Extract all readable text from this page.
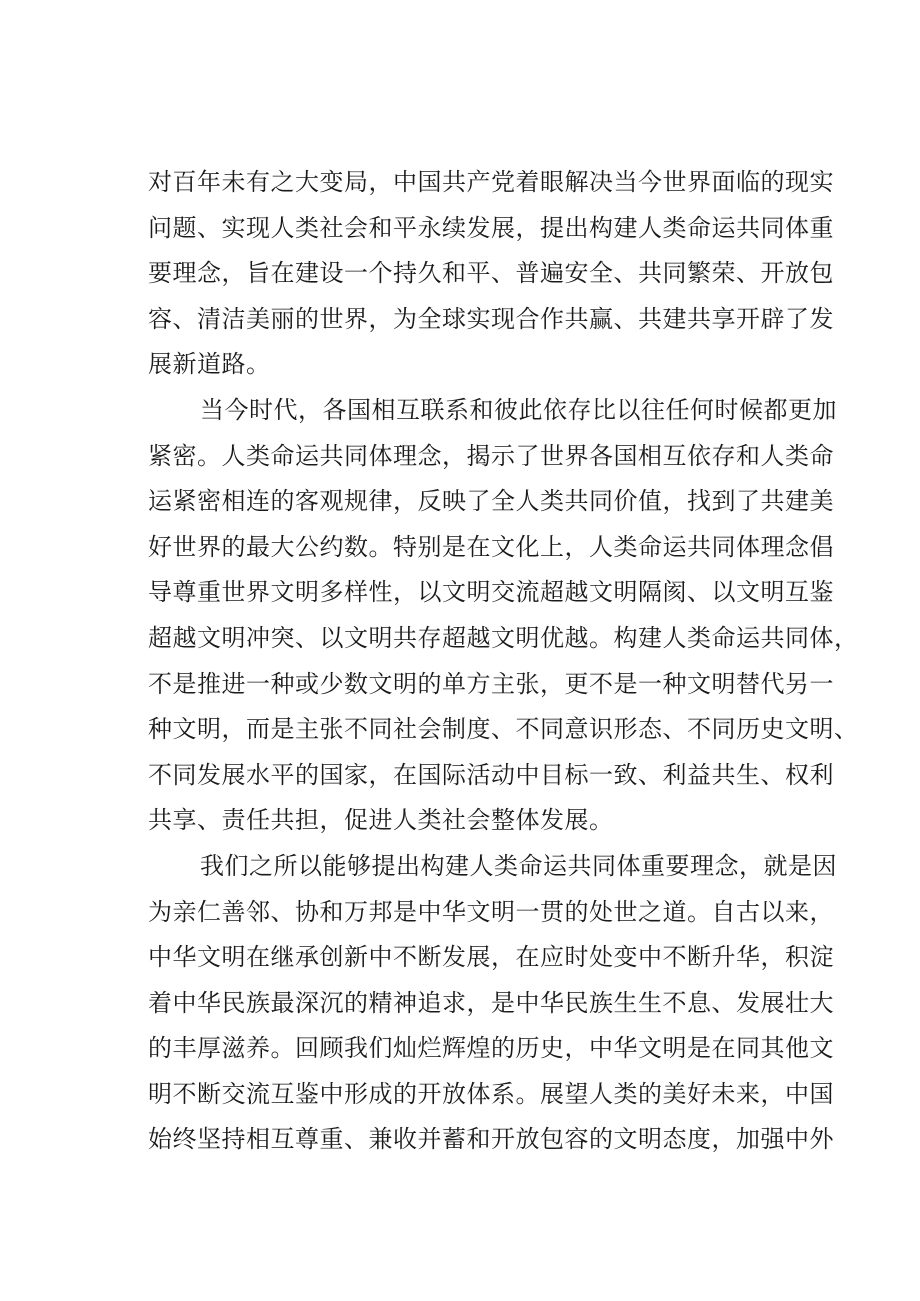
对百年未有之大变局，中国共产党着眼解决当今世界面临的现实
问题、实现人类社会和平永续发展，提出构建人类命运共同体重
要理念，旨在建设一个持久和平、普遍安全、共同繁荣、开放包
容、清洁美丽的世界，为全球实现合作共赢、共建共享开辟了发
展新道路。
当今时代，各国相互联系和彼此依存比以往任何时候都更加
紧密。人类命运共同体理念，揭示了世界各国相互依存和人类命
运紧密相连的客观规律，反映了全人类共同价值，找到了共建美
好世界的最大公约数。特别是在文化上，人类命运共同体理念倡
导尊重世界文明多样性，以文明交流超越文明隔阂、以文明互鉴
超越文明冲突、以文明共存超越文明优越。构建人类命运共同体，
不是推进一种或少数文明的单方主张，更不是一种文明替代另一
种文明，而是主张不同社会制度、不同意识形态、不同历史文明、
不同发展水平的国家，在国际活动中目标一致、利益共生、权利
共享、责任共担，促进人类社会整体发展。
我们之所以能够提出构建人类命运共同体重要理念，就是因
为亲仁善邻、协和万邦是中华文明一贯的处世之道。自古以来，
中华文明在继承创新中不断发展，在应时处变中不断升华，积淀
着中华民族最深沉的精神追求，是中华民族生生不息、发展壮大
的丰厚滋养。回顾我们灿烂辉煌的历史，中华文明是在同其他文
明不断交流互鉴中形成的开放体系。展望人类的美好未来，中国
始终坚持相互尊重、兼收并蓄和开放包容的文明态度，加强中外
